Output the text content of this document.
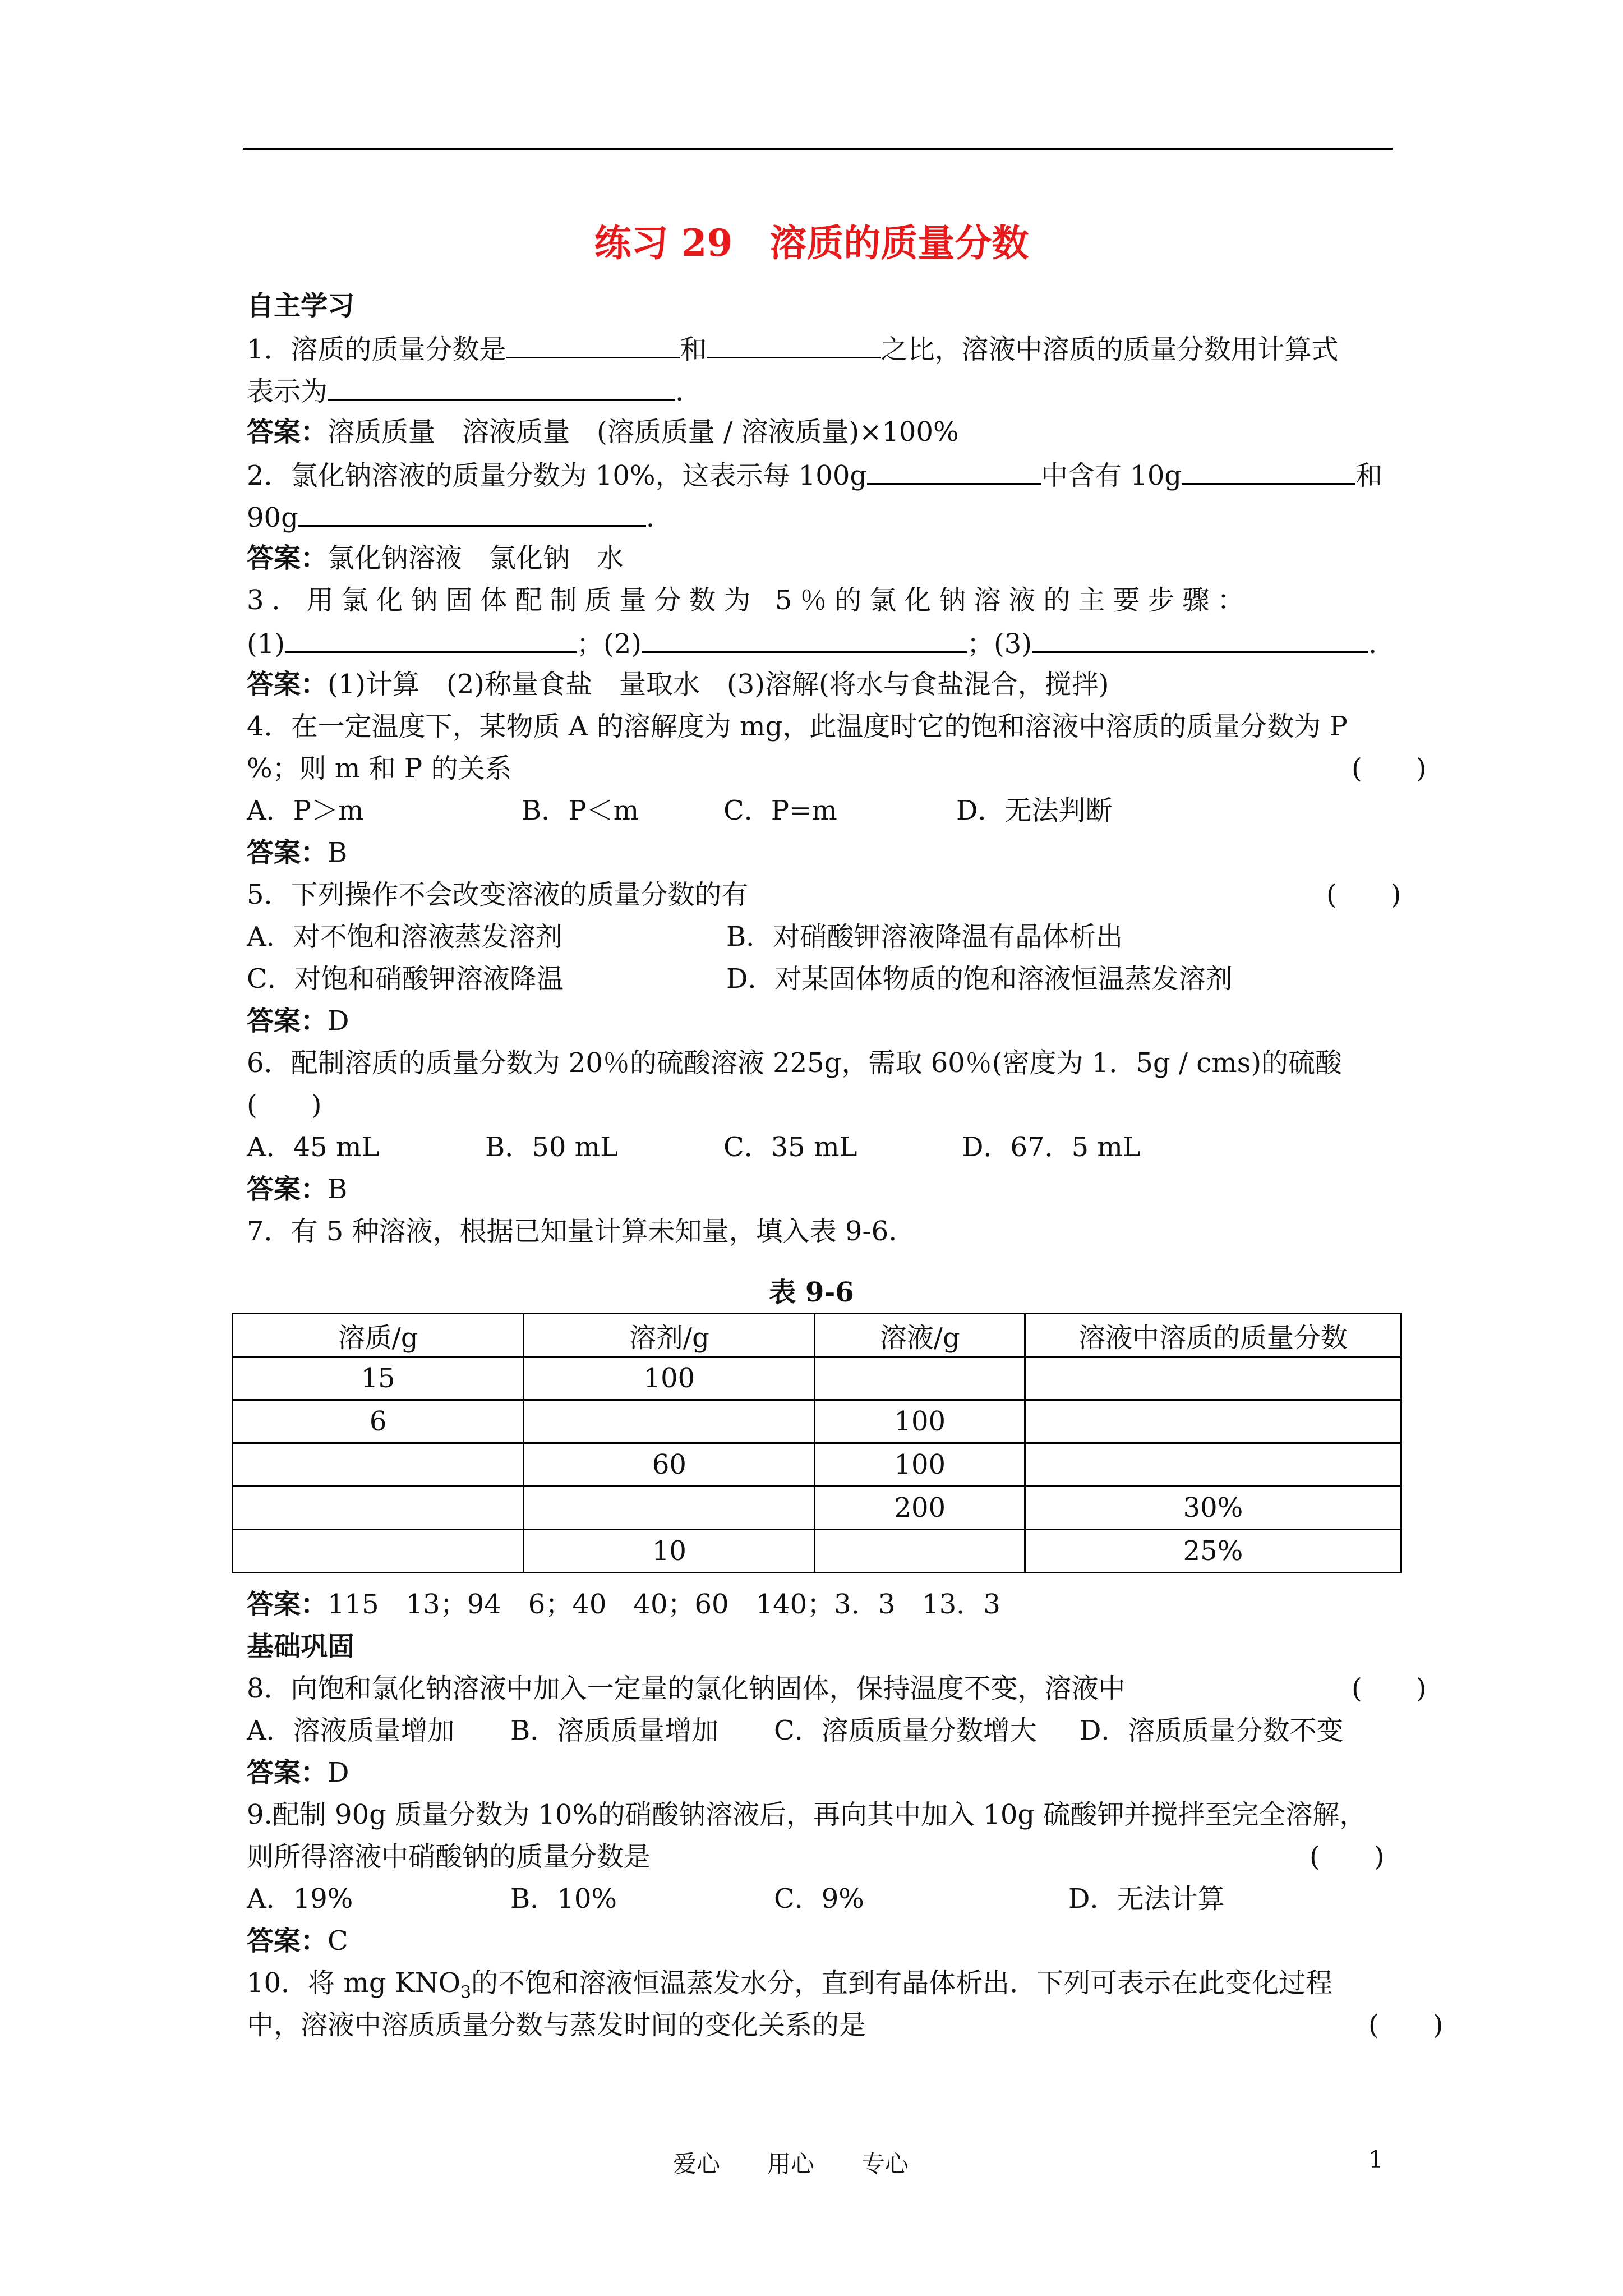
练习 29　溶质的质量分数
自主学习
1．溶质的质量分数是	和	之比，溶液中溶质的质量分数用计算式
表示为	.
答案：溶质质量　溶液质量　(溶质质量 / 溶液质量)×100%
2．氯化钠溶液的质量分数为 10%，这表示每 100g	中含有 10g	和
90g	.
答案：氯化钠溶液　氯化钠　水
3．用氯化钠固体配制质量分数为 5％的氯化钠溶液的主要步骤：
(1)	；(2)	；(3)	.
答案：(1)计算　(2)称量食盐　量取水　(3)溶解(将水与食盐混合，搅拌)
4．在一定温度下，某物质 A 的溶解度为 mg，此温度时它的饱和溶液中溶质的质量分数为 P
%；则 m 和 P 的关系	(　　)
A．P＞m	B．P＜m	C．P=m	D．无法判断
答案：B
5．下列操作不会改变溶液的质量分数的有	(　　)
A．对不饱和溶液蒸发溶剂	B．对硝酸钾溶液降温有晶体析出
C．对饱和硝酸钾溶液降温	D．对某固体物质的饱和溶液恒温蒸发溶剂
答案：D
6．配制溶质的质量分数为 20％的硫酸溶液 225g，需取 60％(密度为 1．5g / cms)的硫酸
(　　)
A．45 mL	B．50 mL	C．35 mL	D．67．5 mL
答案：B
7．有 5 种溶液，根据已知量计算未知量，填入表 9-6.
表 9-6
溶质/g	溶剂/g	溶液/g	溶液中溶质的质量分数
15	100		
6		100	
	60	100	
		200	30%
	10		25%
答案：115　13；94　6；40　40；60　140；3．3　13．3
基础巩固
8．向饱和氯化钠溶液中加入一定量的氯化钠固体，保持温度不变，溶液中	(　　)
A．溶液质量增加 B．溶质质量增加 C．溶质质量分数增大 D．溶质质量分数不变
答案：D
9.配制 90g 质量分数为 10%的硝酸钠溶液后，再向其中加入 10g 硫酸钾并搅拌至完全溶解，
则所得溶液中硝酸钠的质量分数是	(　　)
A．19%	B．10%	C．9%	D．无法计算
答案：C
10．将 mg $KNO_3$的不饱和溶液恒温蒸发水分，直到有晶体析出．下列可表示在此变化过程
中，溶液中溶质质量分数与蒸发时间的变化关系的是	(　　)
爱心　　用心　　专心	1
